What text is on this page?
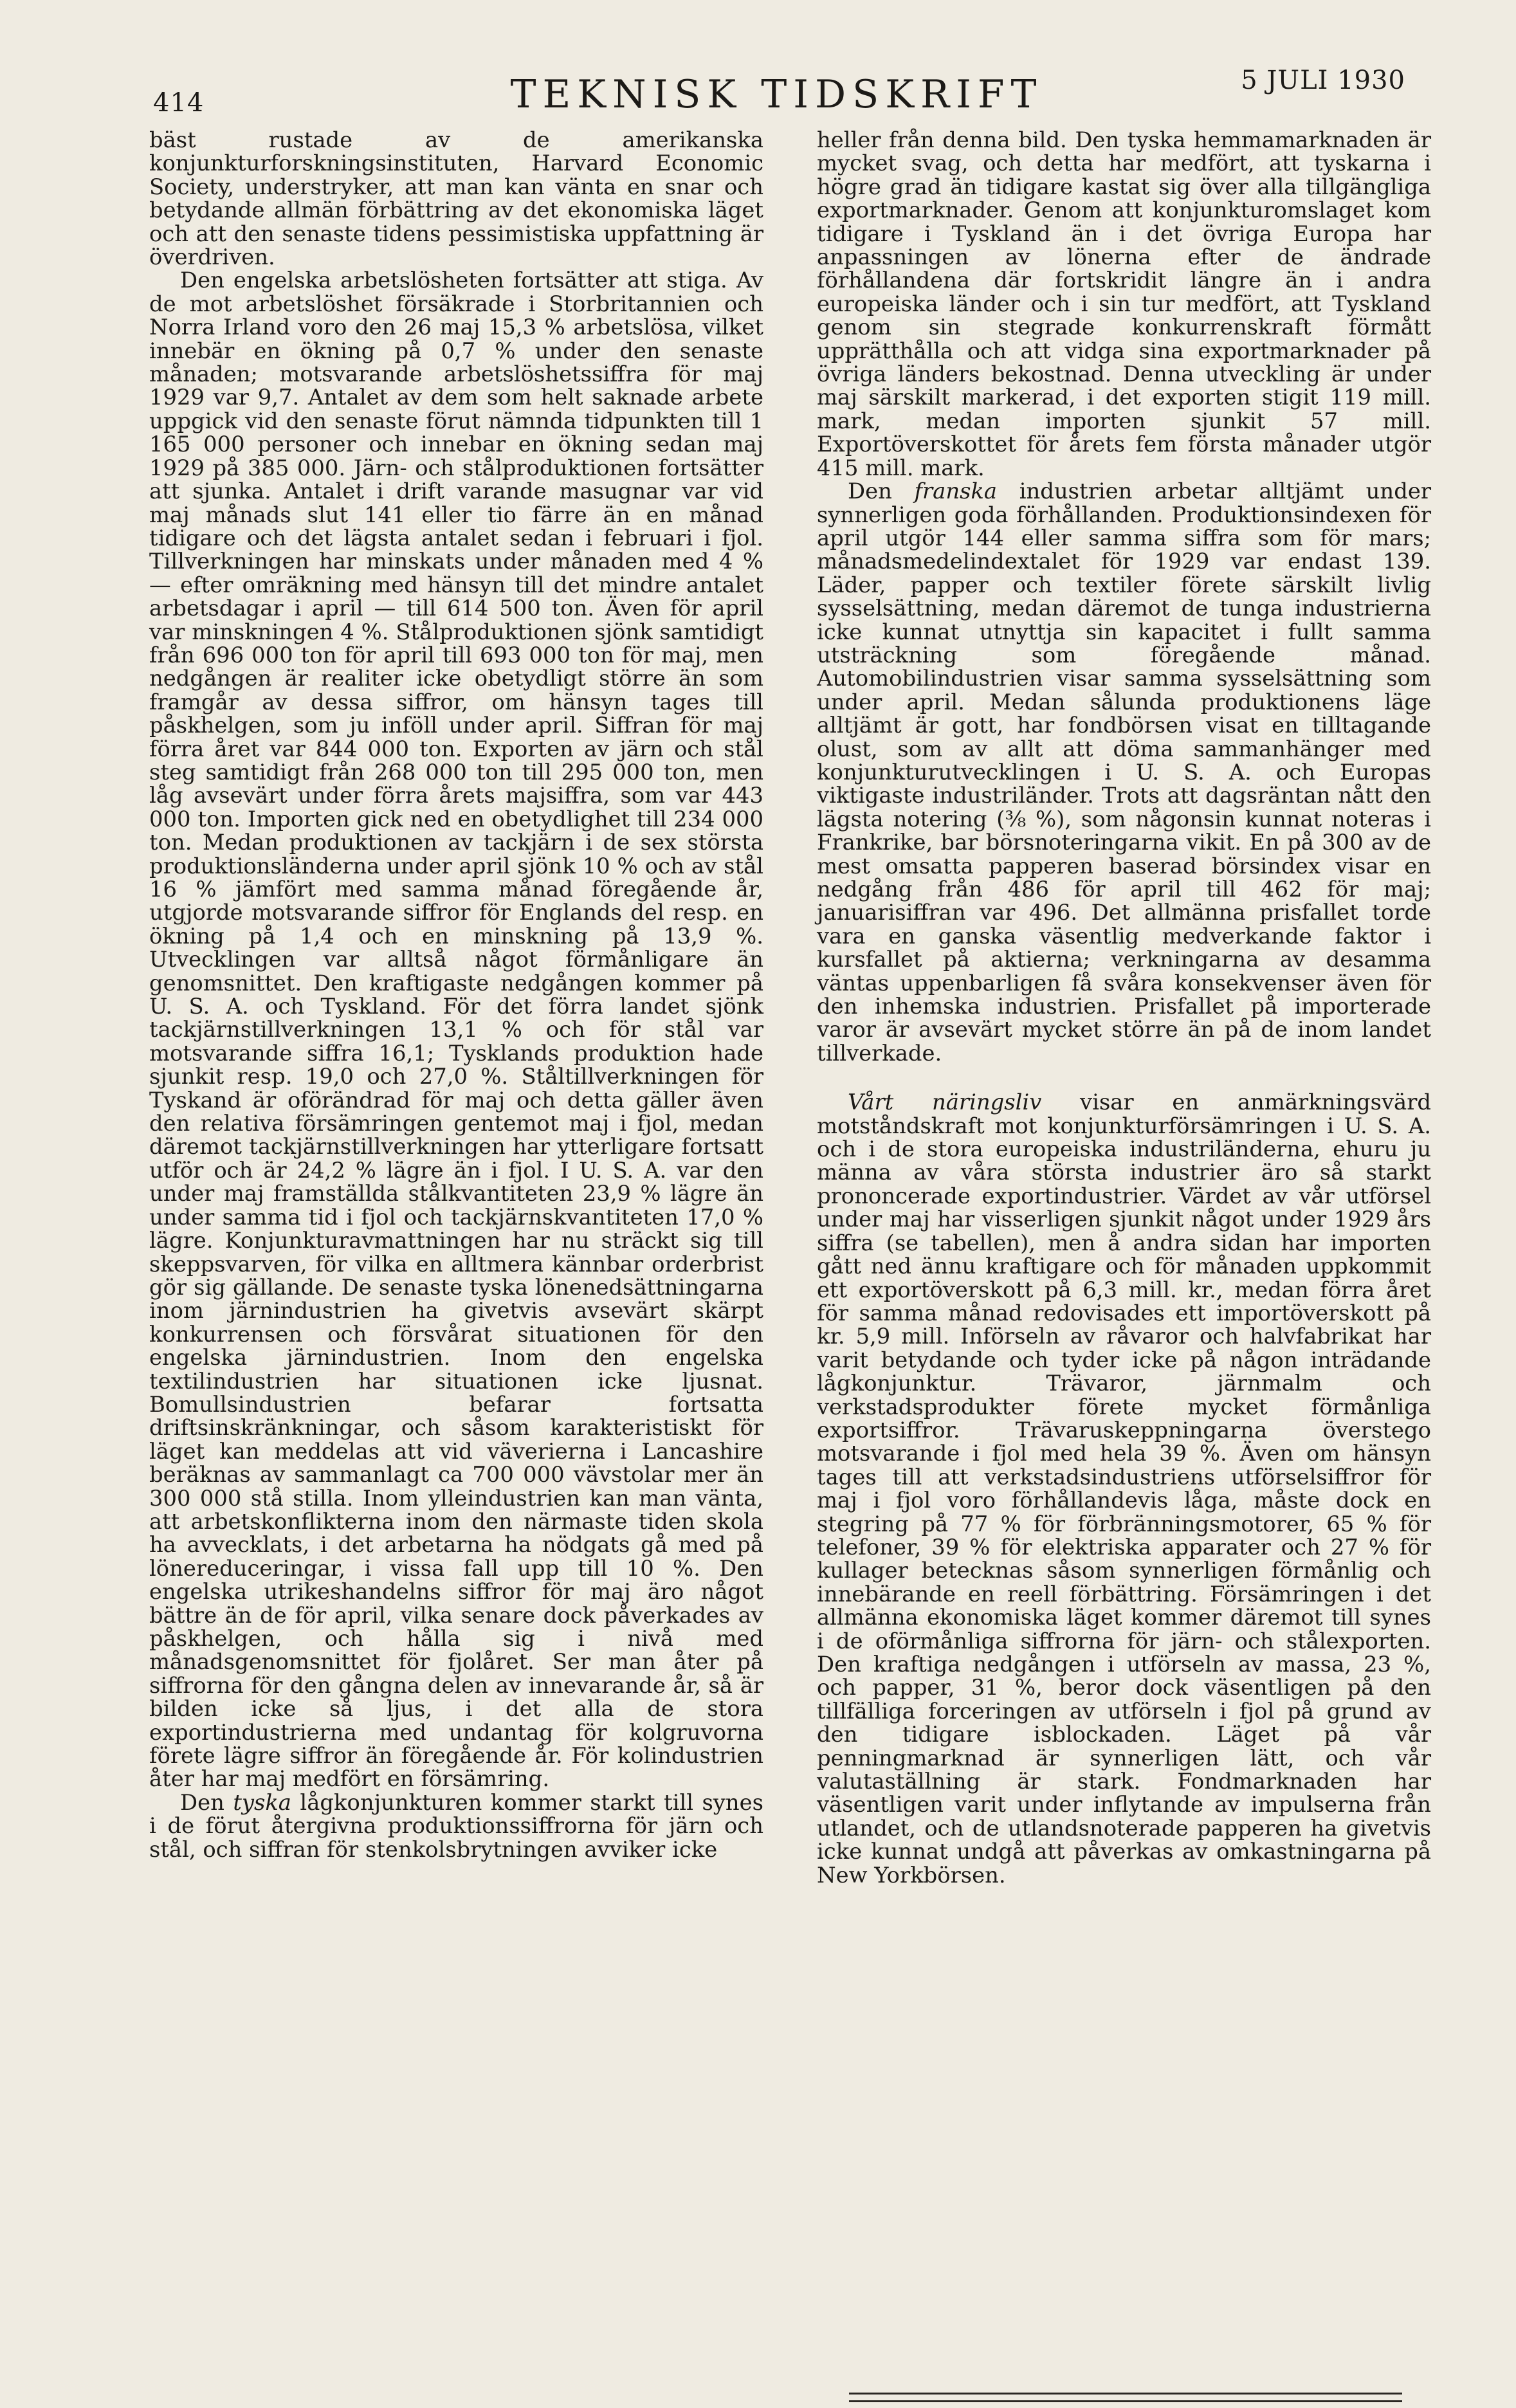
414	TEKNISK TIDSKRIFT	5 JULI 1930

bäst rustade av de amerikanska konjunkturforskningsinstituten, Harvard Economic Society, understryker, att man kan vänta en snar och betydande allmän förbättring av det ekonomiska läget och att den senaste tidens pessimistiska uppfattning är överdriven.

Den engelska arbetslösheten fortsätter att stiga. Av de mot arbetslöshet försäkrade i Storbritannien och Norra Irland voro den 26 maj 15,3 % arbetslösa, vilket innebär en ökning på 0,7 % under den senaste månaden; motsvarande arbetslöshetssiffra för maj 1929 var 9,7. Antalet av dem som helt saknade arbete uppgick vid den senaste förut nämnda tidpunkten till 1 165 000 personer och innebar en ökning sedan maj 1929 på 385 000. Järn- och stålproduktionen fortsätter att sjunka. Antalet i drift varande masugnar var vid maj månads slut 141 eller tio färre än en månad tidigare och det lägsta antalet sedan i februari i fjol. Tillverkningen har minskats under månaden med 4 % — efter omräkning med hänsyn till det mindre antalet arbetsdagar i april — till 614 500 ton. Även för april var minskningen 4 %. Stålproduktionen sjönk samtidigt från 696 000 ton för april till 693 000 ton för maj, men nedgången är realiter icke obetydligt större än som framgår av dessa siffror, om hänsyn tages till påskhelgen, som ju inföll under april. Siffran för maj förra året var 844 000 ton. Exporten av järn och stål steg samtidigt från 268 000 ton till 295 000 ton, men låg avsevärt under förra årets majsiffra, som var 443 000 ton. Importen gick ned en obetydlighet till 234 000 ton. Medan produktionen av tackjärn i de sex största produktionsländerna under april sjönk 10 % och av stål 16 % jämfört med samma månad föregående år, utgjorde motsvarande siffror för Englands del resp. en ökning på 1,4 och en minskning på 13,9 %. Utvecklingen var alltså något förmånligare än genomsnittet. Den kraftigaste nedgången kommer på U. S. A. och Tyskland. För det förra landet sjönk tackjärnstillverkningen 13,1 % och för stål var motsvarande siffra 16,1; Tysklands produktion hade sjunkit resp. 19,0 och 27,0 %. Ståltillverkningen för Tyskand är oförändrad för maj och detta gäller även den relativa försämringen gentemot maj i fjol, medan däremot tackjärnstillverkningen har ytterligare fortsatt utför och är 24,2 % lägre än i fjol. I U. S. A. var den under maj framställda stålkvantiteten 23,9 % lägre än under samma tid i fjol och tackjärnskvantiteten 17,0 % lägre. Konjunkturavmattningen har nu sträckt sig till skeppsvarven, för vilka en alltmera kännbar orderbrist gör sig gällande. De senaste tyska lönenedsättningarna inom järnindustrien ha givetvis avsevärt skärpt konkurrensen och försvårat situationen för den engelska järnindustrien. Inom den engelska textilindustrien har situationen icke ljusnat. Bomullsindustrien befarar fortsatta driftsinskränkningar, och såsom karakteristiskt för läget kan meddelas att vid väverierna i Lancashire beräknas av sammanlagt ca 700 000 vävstolar mer än 300 000 stå stilla. Inom ylleindustrien kan man vänta, att arbetskonflikterna inom den närmaste tiden skola ha avvecklats, i det arbetarna ha nödgats gå med på lönereduceringar, i vissa fall upp till 10 %. Den engelska utrikeshandelns siffror för maj äro något bättre än de för april, vilka senare dock påverkades av påskhelgen, och hålla sig i nivå med månadsgenomsnittet för fjolåret. Ser man åter på siffrorna för den gångna delen av innevarande år, så är bilden icke så ljus, i det alla de stora exportindustrierna med undantag för kolgruvorna förete lägre siffror än föregående år. För kolindustrien åter har maj medfört en försämring.

Den tyska lågkonjunkturen kommer starkt till synes i de förut återgivna produktionssiffrorna för järn och stål, och siffran för stenkolsbrytningen avviker icke

heller från denna bild. Den tyska hemmamarknaden är mycket svag, och detta har medfört, att tyskarna i högre grad än tidigare kastat sig över alla tillgängliga exportmarknader. Genom att konjunkturomslaget kom tidigare i Tyskland än i det övriga Europa har anpassningen av lönerna efter de ändrade förhållandena där fortskridit längre än i andra europeiska länder och i sin tur medfört, att Tyskland genom sin stegrade konkurrenskraft förmått upprätthålla och att vidga sina exportmarknader på övriga länders bekostnad. Denna utveckling är under maj särskilt markerad, i det exporten stigit 119 mill. mark, medan importen sjunkit 57 mill. Exportöverskottet för årets fem första månader utgör 415 mill. mark.

Den franska industrien arbetar alltjämt under synnerligen goda förhållanden. Produktionsindexen för april utgör 144 eller samma siffra som för mars; månadsmedelindextalet för 1929 var endast 139. Läder, papper och textiler förete särskilt livlig sysselsättning, medan däremot de tunga industrierna icke kunnat utnyttja sin kapacitet i fullt samma utsträckning som föregående månad. Automobilindustrien visar samma sysselsättning som under april. Medan sålunda produktionens läge alltjämt är gott, har fondbörsen visat en tilltagande olust, som av allt att döma sammanhänger med konjunkturutvecklingen i U. S. A. och Europas viktigaste industriländer. Trots att dagsräntan nått den lägsta notering (⅜ %), som någonsin kunnat noteras i Frankrike, bar börsnoteringarna vikit. En på 300 av de mest omsatta papperen baserad börsindex visar en nedgång från 486 för april till 462 för maj; januarisiffran var 496. Det allmänna prisfallet torde vara en ganska väsentlig medverkande faktor i kursfallet på aktierna; verkningarna av desamma väntas uppenbarligen få svåra konsekvenser även för den inhemska industrien. Prisfallet på importerade varor är avsevärt mycket större än på de inom landet tillverkade.

Vårt näringsliv visar en anmärkningsvärd motståndskraft mot konjunkturförsämringen i U. S. A. och i de stora europeiska industriländerna, ehuru ju männa av våra största industrier äro så starkt prononcerade exportindustrier. Värdet av vår utförsel under maj har visserligen sjunkit något under 1929 års siffra (se tabellen), men å andra sidan har importen gått ned ännu kraftigare och för månaden uppkommit ett exportöverskott på 6,3 mill. kr., medan förra året för samma månad redovisades ett importöverskott på kr. 5,9 mill. Införseln av råvaror och halvfabrikat har varit betydande och tyder icke på någon inträdande lågkonjunktur. Trävaror, järnmalm och verkstadsprodukter förete mycket förmånliga exportsiffror. Trävaruskeppningarna överstego motsvarande i fjol med hela 39 %. Även om hänsyn tages till att verkstadsindustriens utförselsiffror för maj i fjol voro förhållandevis låga, måste dock en stegring på 77 % för förbränningsmotorer, 65 % för telefoner, 39 % för elektriska apparater och 27 % för kullager betecknas såsom synnerligen förmånlig och innebärande en reell förbättring. Försämringen i det allmänna ekonomiska läget kommer däremot till synes i de oförmånliga siffrorna för järn- och stålexporten. Den kraftiga nedgången i utförseln av massa, 23 %, och papper, 31 %, beror dock väsentligen på den tillfälliga forceringen av utförseln i fjol på grund av den tidigare isblockaden. Läget på vår penningmarknad är synnerligen lätt, och vår valutaställning är stark. Fondmarknaden har väsentligen varit under inflytande av impulserna från utlandet, och de utlandsnoterade papperen ha givetvis icke kunnat undgå att påverkas av omkastningarna på New Yorkbörsen.
